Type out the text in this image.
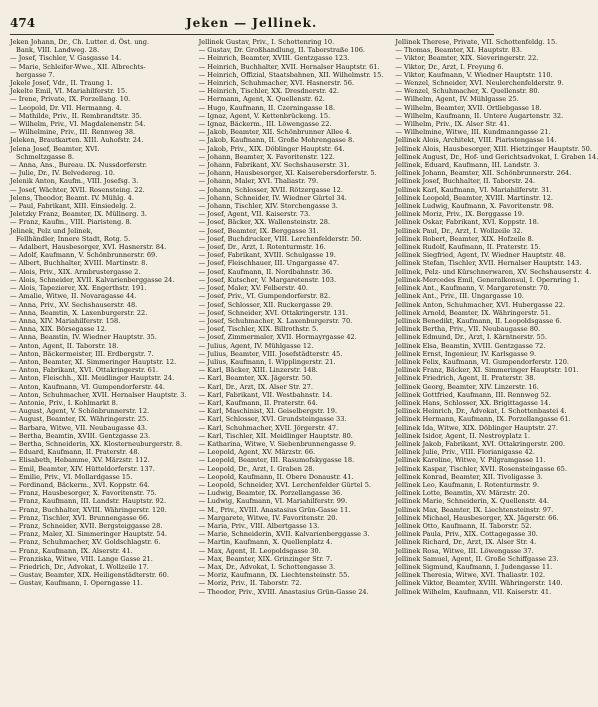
474	Jeken — Jellinek.
Jeken Johann, Dr., Ch. Lutter. d. Öst. ung.
Bank, VIII. Landweg. 28.
— Josef, Tischler, V. Gasgasse 14.
— Marie, Schleifer-Wwe., XII. Albrechts-
hergasse 7.
Jekele Josef, Vdr., II. Traung 1.
Jekelte Emil, VI. Mariahilferstr. 15.
— Irene, Private, IX. Porzellang. 10.
— Leopold, Dr. VII. Hermanng. 4.
— Mathilde, Priv., II. Rembrandtstr. 35.
— Wilhelm, Priv., VI. Magdalenenstr. 54.
— Wilhelmine, Priv., III. Rennweg 38.
Jeleken, Brautkarten. XIII. Auhofstr. 24.
Jelena Josef, Beamter, XVI.
Schmeltzgasse 8.
— Anna, Ans., Bureau. IX. Nussdorferstr.
— Julie, Dr., IV. Belvedereg. 10.
Jelenik Anton, Kaufm., VIII. Josefsg. 3.
— Josef, Wächter, XVII. Rosensteing. 22.
Jelens, Theodor, Beamt. IV. Mühlg. 4.
— Paul, Fabrikant, XIII. Einsiedelg. 2.
Jeletzky Franz, Beamter, IX. Müllnerg. 3.
— Franz, Kaufm., VIII. Piaristeng. 8.
Jelinek, Pelz und Jelinek,
Fellhändler, Innere Stadt, Rotg. 5.
— Adalbert, Hausbesorger, XVI. Hasnerstr. 84.
— Adolf, Kaufmann, V. Schönbrunnerstr. 69.
— Albert, Buchhalter, XVIII. Martinstr. 8.
— Alois, Priv., XIX. Armbrustergasse 2.
— Alois, Schneider, XVII. Kalvarienberggasse 24.
— Alois, Tapezierer, XX. Engerthstr. 191.
— Amalie, Witwe, II. Novaragasse 44.
— Anna, Priv., XV. Sechshauserstr. 48.
— Anna, Beamtin, X. Laxenburgerstr. 22.
— Anna, XIV. Mariahilferstr. 158.
— Anna, XIX. Börsegasse 12.
— Anna, Beamtin, IV. Wiedner Hauptstr. 35.
— Anton, Agent, II. Taborstr. 18.
— Anton, Bäckermeister, III. Erdbergstr. 7.
— Anton, Beamter, XI. Simmeringer Hauptstr. 12.
— Anton, Fabrikant, XVI. Ottakringerstr. 61.
— Anton, Fleischh., XII. Meidlinger Hauptstr. 24.
— Anton, Kaufmann, VI. Gumpendorferstr. 44.
— Anton, Schuhmacher, XVII. Hernalser Hauptstr. 3.
— Antonie, Priv., I. Kohlmarkt 8.
— August, Agent, V. Schönbrunnerstr. 12.
— August, Beamter, IX. Währingerstr. 25.
— Barbara, Witwe, VII. Neubaugasse 43.
— Bertha, Beamtin, XVIII. Gentzgasse 23.
— Bertha, Schneiderin, XX. Klosterneuburgerstr. 8.
— Eduard, Kaufmann, II. Praterstr. 48.
— Elisabeth, Hebamme, XV. Märzstr. 112.
— Emil, Beamter, XIV. Hütteldorferstr. 137.
— Emilie, Priv., VI. Mollardgasse 15.
— Ferdinand, Bäckerm., XVI. Koppstr. 64.
— Franz, Hausbesorger, X. Favoritenstr. 75.
— Franz, Kaufmann, III. Landstr. Hauptstr. 92.
— Franz, Buchhalter, XVIII. Währingerstr. 120.
— Franz, Tischler, XVI. Brunnengasse 66.
— Franz, Schneider, XVII. Bergsteiggasse 28.
— Franz, Maler, XI. Simmeringer Hauptstr. 54.
— Franz, Schuhmacher, XV. Goldschlagstr. 6.
— Franz, Kaufmann, IX. Alserstr. 41.
— Franziska, Witwe, VIII. Lange Gasse 21.
— Friedrich, Dr., Advokat, I. Wollzeile 17.
— Gustav, Beamter, XIX. Heiligenstädterstr. 60.
— Gustav, Kaufmann, I. Operngasse 11.
Jellinek Gustav, Priv., I. Schottenring 10.
— Gustav, Dr. Großhandlung, II. Taborstraße 106.
— Heinrich, Beamter, XVIII. Gentzgasse 123.
— Heinrich, Buchhalter, XVII. Hernalser Hauptstr. 61.
— Heinrich, Offizial, Staatsbahnen, XII. Wilhelmstr. 15.
— Heinrich, Schuhmacher, XVI. Hasnerstr. 56.
— Heinrich, Tischler, XX. Dresdnerstr. 42.
— Hermann, Agent, X. Quellenstr. 62.
— Hugo, Kaufmann, II. Czerningasse 18.
— Ignaz, Agent, V. Kettenbrückeng. 15.
— Ignaz, Bäckerm., III. Löwengasse 22.
— Jakob, Beamter, XII. Schönbrunner Allee 4.
— Jakob, Kaufmann, II. Große Mohrengasse 8.
— Jakob, Priv., XIX. Döblinger Hauptstr. 64.
— Johann, Beamter, X. Favoritenstr. 122.
— Johann, Fabrikant, XV. Sechshauserstr. 31.
— Johann, Hausbesorger, XI. Kaiserebersdorferstr. 5.
— Johann, Maler, XVI. Thaliastr. 79.
— Johann, Schlosser, XVII. Rötzergasse 12.
— Johann, Schneider, IV. Wiedner Gürtel 34.
— Johann, Tischler, XIV. Storchengasse 3.
— Josef, Agent, VII. Kaiserstr. 73.
— Josef, Bäcker, XX. Wallensteinstr. 28.
— Josef, Beamter, IX. Berggasse 31.
— Josef, Buchdrucker, VIII. Lerchenfelderstr. 50.
— Josef, Dr., Arzt, I. Rotenturmstr. 16.
— Josef, Fabrikant, XVIII. Schulgasse 19.
— Josef, Fleischhauer, III. Ungargasse 47.
— Josef, Kaufmann, II. Nordbahnstr. 36.
— Josef, Kutscher, V. Margaretenstr. 103.
— Josef, Maler, XV. Felberstr. 40.
— Josef, Priv., VI. Gumpendorferstr. 82.
— Josef, Schlosser, XII. Ruckergasse 29.
— Josef, Schneider, XVI. Ottakringerstr. 131.
— Josef, Schuhmacher, X. Laxenburgerstr. 70.
— Josef, Tischler, XIX. Billrothstr. 5.
— Josef, Zimmermaler, XVII. Hormayrgasse 42.
— Julius, Agent, IV. Mühlgasse 12.
— Julius, Beamter, VIII. Josefstädterstr. 45.
— Julius, Kaufmann, I. Wipplingerstr. 21.
— Karl, Bäcker, XIII. Linzerstr. 148.
— Karl, Beamter, XX. Jägerstr. 50.
— Karl, Dr., Arzt, IX. Alser Str. 27.
— Karl, Fabrikant, VII. Westbahnstr. 14.
— Karl, Kaufmann, II. Praterstr. 64.
— Karl, Maschinist, XI. Geiselbergstr. 19.
— Karl, Schlosser, XVI. Grundsteingasse 33.
— Karl, Schuhmacher, XVII. Jörgerstr. 47.
— Karl, Tischler, XII. Meidlinger Hauptstr. 80.
— Katharina, Witwe, V. Siebenbrunnengasse 9.
— Leopold, Agent, XV. Märzstr. 66.
— Leopold, Beamter, III. Rasumofskygasse 18.
— Leopold, Dr., Arzt, I. Graben 28.
— Leopold, Kaufmann, II. Obere Donaustr. 41.
— Leopold, Schneider, XVI. Lerchenfelder Gürtel 5.
— Ludwig, Beamter, IX. Porzellangasse 36.
— Ludwig, Kaufmann, VI. Mariahilferstr. 99.
— M., Priv., XVIII. Anastasius Grün-Gasse 11.
— Margarete, Witwe, IV. Favoritenstr. 20.
— Maria, Priv., VIII. Albertgasse 13.
— Marie, Schneiderin, XVII. Kalvarienberggasse 3.
— Martin, Kaufmann, X. Quellenplatz 4.
— Max, Agent, II. Leopoldsgasse 30.
— Max, Beamter, XIX. Grinzinger Str. 7.
— Max, Dr., Advokat, I. Schottengasse 3.
— Moriz, Kaufmann, IX. Liechtensteinstr. 55.
— Moriz, Priv., II. Taborstr. 72.
— Theodor, Priv., XVIII. Anastasius Grün-Gasse 24.
Jellinek Therese, Private, VII. Schottenfeldg. 15.
— Thomas, Beamter, XI. Hauptstr. 83.
— Viktor, Beamter, XIX. Sieveringerstr. 22.
— Viktor, Dr., Arzt, I. Freyung 6.
— Viktor, Kaufmann, V. Wiedner Hauptstr. 110.
— Wenzel, Schneider, XVI. Neulerchenfelderstr. 9.
— Wenzel, Schuhmacher, X. Quellenstr. 80.
— Wilhelm, Agent, IV. Mühlgasse 25.
— Wilhelm, Beamter, XVII. Ortliebgasse 18.
— Wilhelm, Kaufmann, II. Untere Augartenstr. 32.
— Wilhelm, Priv., IX. Alser Str. 41.
— Wilhelmine, Witwe, III. Kundmanngasse 21.
Jellinek Alois, Architekt, VIII. Piaristengasse 14.
Jellinek Alois, Hausbesorger, XIII. Hietzinger Hauptstr. 50.
Jellinek August, Dr., Hof- und Gerichtsadvokat, I. Graben 14.
Jellinek, Eduard, Kaufmann, III. Landstr. 3.
Jellinek Johann, Beamter, XII. Schönbrunnerstr. 264.
Jellinek Josef, Buchhalter, II. Taborstr. 24.
Jellinek Karl, Kaufmann, VI. Mariahilferstr. 31.
Jellinek Leopold, Beamter, XVIII. Martinstr. 12.
Jellinek Ludwig, Kaufmann, X. Favoritenstr. 98.
Jellinek Moriz, Priv., IX. Berggasse 19.
Jellinek Oskar, Fabrikant, XVI. Koppstr. 18.
Jellinek Paul, Dr., Arzt, I. Wollzeile 32.
Jellinek Robert, Beamter, XIX. Hofzeile 8.
Jellinek Rudolf, Kaufmann, II. Praterstr. 15.
Jellinek Siegfried, Agent, IV. Wiedner Hauptstr. 48.
Jellinek Stefan, Tischler, XVII. Hernalser Hauptstr. 143.
Jellinek, Pelz- und Kürschnerwaren, XV. Sechshauserstr. 4.
Jellinek-Mercedes Emil, Generalkonsul, I. Opernring 1.
Jellinek Ant., Kaufmann, V. Margaretenstr. 70.
Jellinek Ant., Priv., III. Ungargasse 10.
Jellinek Anton, Schuhmacher, XVI. Hubergasse 22.
Jellinek Arnold, Beamter, IX. Währingerstr. 51.
Jellinek Benedikt, Kaufmann, II. Leopoldsgasse 6.
Jellinek Bertha, Priv., VII. Neubaugasse 80.
Jellinek Edmund, Dr., Arzt, I. Kärntnerstr. 55.
Jellinek Elsa, Beamtin, XVIII. Gentzgasse 72.
Jellinek Ernst, Ingenieur, IV. Karlsgasse 9.
Jellinek Felix, Kaufmann, VI. Gumpendorferstr. 120.
Jellinek Franz, Bäcker, XI. Simmeringer Hauptstr. 101.
Jellinek Friedrich, Agent, II. Praterstr. 38.
Jellinek Georg, Beamter, XIV. Linzerstr. 16.
Jellinek Gottfried, Kaufmann, III. Rennweg 52.
Jellinek Hans, Schlosser, XX. Brigittagasse 14.
Jellinek Heinrich, Dr., Advokat, I. Schottenbastei 4.
Jellinek Hermann, Kaufmann, IX. Porzellangasse 61.
Jellinek Ida, Witwe, XIX. Döblinger Hauptstr. 27.
Jellinek Isidor, Agent, II. Nestroyplatz 1.
Jellinek Jakob, Fabrikant, XVI. Ottakringerstr. 200.
Jellinek Julie, Priv., VIII. Florianigasse 42.
Jellinek Karoline, Witwe, V. Pilgramgasse 11.
Jellinek Kaspar, Tischler, XVII. Rosensteingasse 65.
Jellinek Konrad, Beamter, XII. Tivoligasse 3.
Jellinek Leo, Kaufmann, I. Rotenturmstr. 9.
Jellinek Lotte, Beamtin, XV. Märzstr. 20.
Jellinek Marie, Schneiderin, X. Quellenstr. 44.
Jellinek Max, Beamter, IX. Liechtensteinstr. 97.
Jellinek Michael, Hausbesorger, XX. Jägerstr. 66.
Jellinek Otto, Kaufmann, II. Taborstr. 52.
Jellinek Paula, Priv., XIX. Cottagegasse 30.
Jellinek Richard, Dr., Arzt, IX. Alser Str. 4.
Jellinek Rosa, Witwe, III. Löwengasse 37.
Jellinek Samuel, Agent, II. Große Schiffgasse 23.
Jellinek Sigmund, Kaufmann, I. Judengasse 11.
Jellinek Theresia, Witwe, XVI. Thaliastr. 102.
Jellinek Viktor, Beamter, XVIII. Währingerstr. 140.
Jellinek Wilhelm, Kaufmann, VII. Kaiserstr. 41.
